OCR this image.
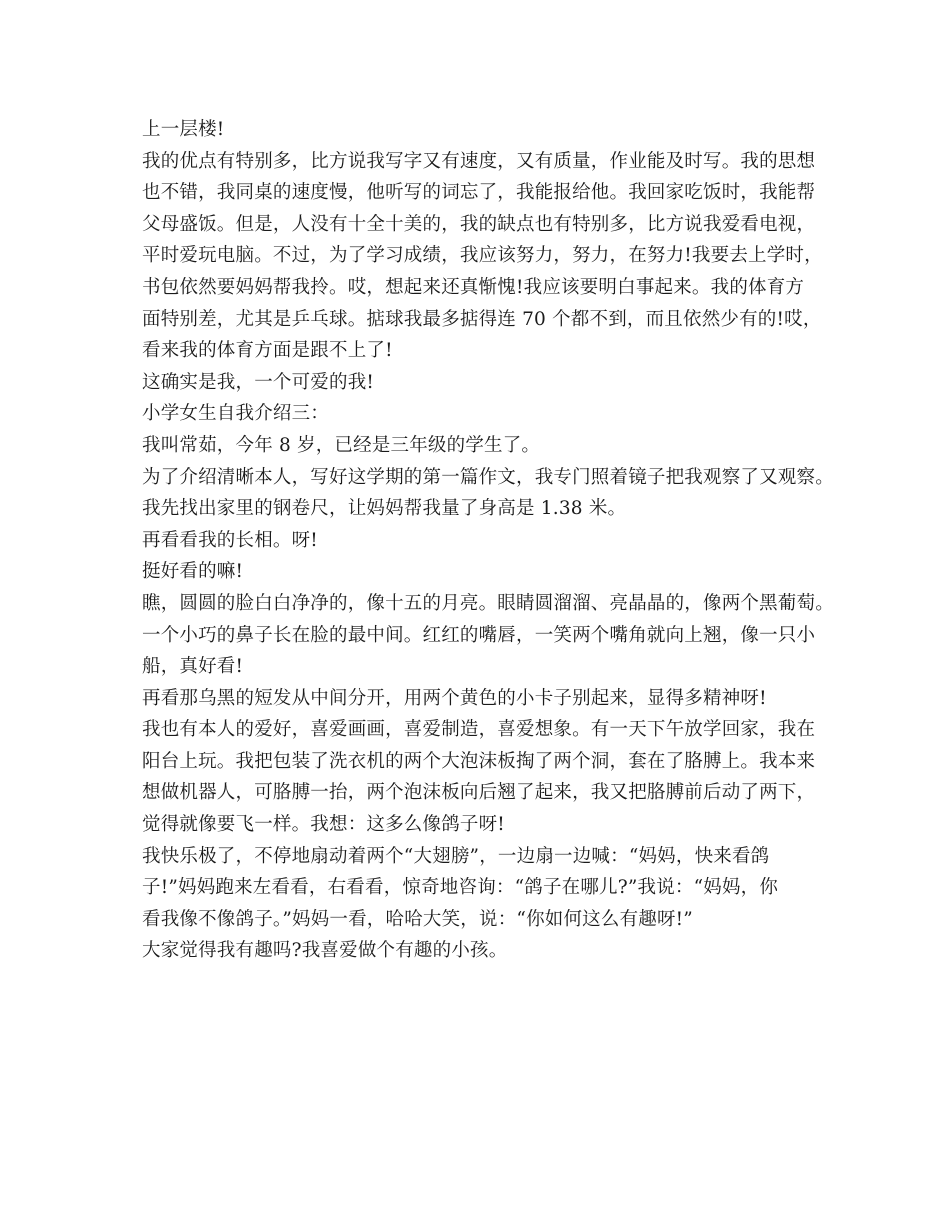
上一层楼!
我的优点有特别多，比方说我写字又有速度，又有质量，作业能及时写。我的思想
也不错，我同桌的速度慢，他听写的词忘了，我能报给他。我回家吃饭时，我能帮
父母盛饭。但是，人没有十全十美的，我的缺点也有特别多，比方说我爱看电视，
平时爱玩电脑。不过，为了学习成绩，我应该努力，努力，在努力!我要去上学时，
书包依然要妈妈帮我拎。哎，想起来还真惭愧!我应该要明白事起来。我的体育方
面特别差，尤其是乒乓球。掂球我最多掂得连 70 个都不到，而且依然少有的!哎，
看来我的体育方面是跟不上了!
这确实是我，一个可爱的我!
小学女生自我介绍三：
我叫常茹，今年 8 岁，已经是三年级的学生了。
为了介绍清晰本人，写好这学期的第一篇作文，我专门照着镜子把我观察了又观察。
我先找出家里的钢卷尺，让妈妈帮我量了身高是 1.38 米。
再看看我的长相。呀!
挺好看的嘛!
瞧，圆圆的脸白白净净的，像十五的月亮。眼睛圆溜溜、亮晶晶的，像两个黑葡萄。
一个小巧的鼻子长在脸的最中间。红红的嘴唇，一笑两个嘴角就向上翘，像一只小
船，真好看!
再看那乌黑的短发从中间分开，用两个黄色的小卡子别起来，显得多精神呀!
我也有本人的爱好，喜爱画画，喜爱制造，喜爱想象。有一天下午放学回家，我在
阳台上玩。我把包装了洗衣机的两个大泡沫板掏了两个洞，套在了胳膊上。我本来
想做机器人，可胳膊一抬，两个泡沫板向后翘了起来，我又把胳膊前后动了两下，
觉得就像要飞一样。我想：这多么像鸽子呀!
我快乐极了，不停地扇动着两个“大翅膀”，一边扇一边喊：“妈妈，快来看鸽
子!”妈妈跑来左看看，右看看，惊奇地咨询：“鸽子在哪儿?”我说：“妈妈，你
看我像不像鸽子。”妈妈一看，哈哈大笑，说：“你如何这么有趣呀!”
大家觉得我有趣吗?我喜爱做个有趣的小孩。
